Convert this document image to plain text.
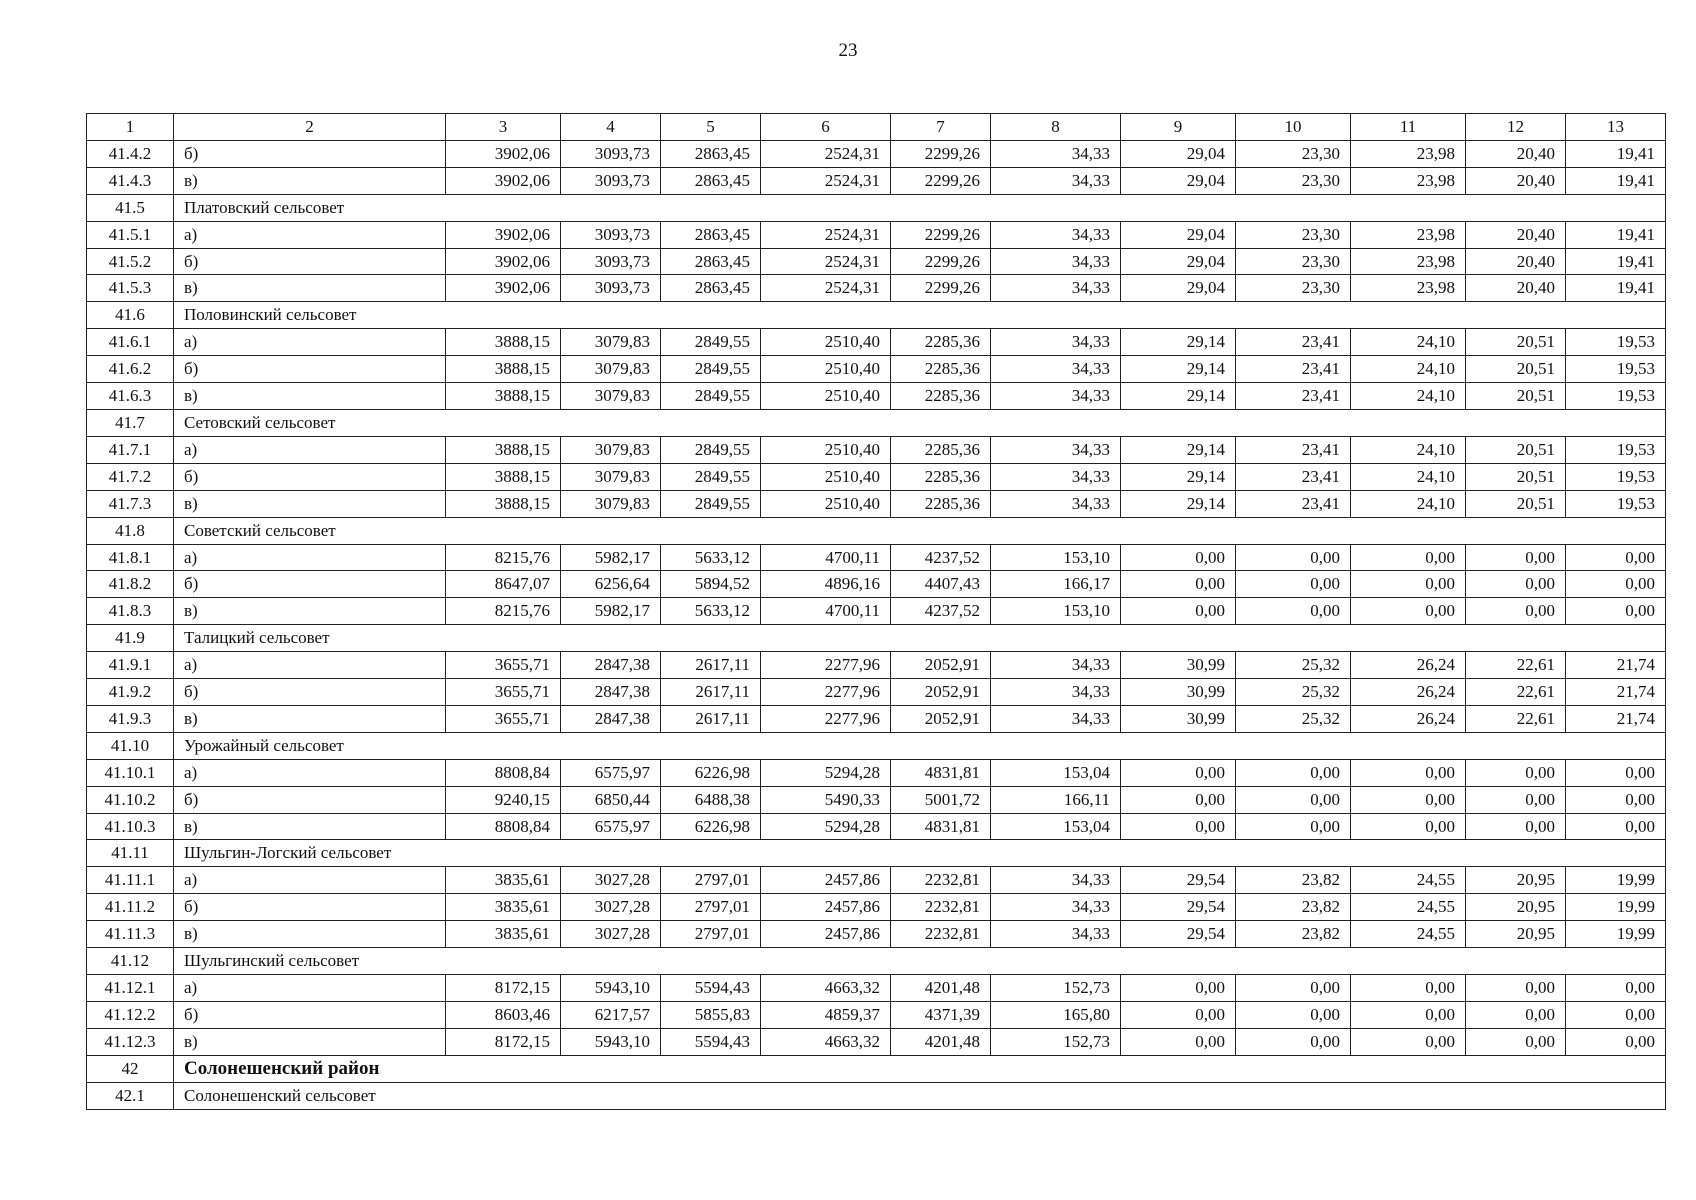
23
1	2	3	4	5	6	7	8	9	10	11	12	13
41.4.2	б)	3902,06	3093,73	2863,45	2524,31	2299,26	34,33	29,04	23,30	23,98	20,40	19,41
41.4.3	в)	3902,06	3093,73	2863,45	2524,31	2299,26	34,33	29,04	23,30	23,98	20,40	19,41
41.5	Платовский сельсовет											
41.5.1	а)	3902,06	3093,73	2863,45	2524,31	2299,26	34,33	29,04	23,30	23,98	20,40	19,41
41.5.2	б)	3902,06	3093,73	2863,45	2524,31	2299,26	34,33	29,04	23,30	23,98	20,40	19,41
41.5.3	в)	3902,06	3093,73	2863,45	2524,31	2299,26	34,33	29,04	23,30	23,98	20,40	19,41
41.6	Половинский сельсовет											
41.6.1	а)	3888,15	3079,83	2849,55	2510,40	2285,36	34,33	29,14	23,41	24,10	20,51	19,53
41.6.2	б)	3888,15	3079,83	2849,55	2510,40	2285,36	34,33	29,14	23,41	24,10	20,51	19,53
41.6.3	в)	3888,15	3079,83	2849,55	2510,40	2285,36	34,33	29,14	23,41	24,10	20,51	19,53
41.7	Сетовский сельсовет											
41.7.1	а)	3888,15	3079,83	2849,55	2510,40	2285,36	34,33	29,14	23,41	24,10	20,51	19,53
41.7.2	б)	3888,15	3079,83	2849,55	2510,40	2285,36	34,33	29,14	23,41	24,10	20,51	19,53
41.7.3	в)	3888,15	3079,83	2849,55	2510,40	2285,36	34,33	29,14	23,41	24,10	20,51	19,53
41.8	Советский сельсовет											
41.8.1	а)	8215,76	5982,17	5633,12	4700,11	4237,52	153,10	0,00	0,00	0,00	0,00	0,00
41.8.2	б)	8647,07	6256,64	5894,52	4896,16	4407,43	166,17	0,00	0,00	0,00	0,00	0,00
41.8.3	в)	8215,76	5982,17	5633,12	4700,11	4237,52	153,10	0,00	0,00	0,00	0,00	0,00
41.9	Талицкий сельсовет											
41.9.1	а)	3655,71	2847,38	2617,11	2277,96	2052,91	34,33	30,99	25,32	26,24	22,61	21,74
41.9.2	б)	3655,71	2847,38	2617,11	2277,96	2052,91	34,33	30,99	25,32	26,24	22,61	21,74
41.9.3	в)	3655,71	2847,38	2617,11	2277,96	2052,91	34,33	30,99	25,32	26,24	22,61	21,74
41.10	Урожайный сельсовет											
41.10.1	а)	8808,84	6575,97	6226,98	5294,28	4831,81	153,04	0,00	0,00	0,00	0,00	0,00
41.10.2	б)	9240,15	6850,44	6488,38	5490,33	5001,72	166,11	0,00	0,00	0,00	0,00	0,00
41.10.3	в)	8808,84	6575,97	6226,98	5294,28	4831,81	153,04	0,00	0,00	0,00	0,00	0,00
41.11	Шульгин-Логский сельсовет											
41.11.1	а)	3835,61	3027,28	2797,01	2457,86	2232,81	34,33	29,54	23,82	24,55	20,95	19,99
41.11.2	б)	3835,61	3027,28	2797,01	2457,86	2232,81	34,33	29,54	23,82	24,55	20,95	19,99
41.11.3	в)	3835,61	3027,28	2797,01	2457,86	2232,81	34,33	29,54	23,82	24,55	20,95	19,99
41.12	Шульгинский сельсовет											
41.12.1	а)	8172,15	5943,10	5594,43	4663,32	4201,48	152,73	0,00	0,00	0,00	0,00	0,00
41.12.2	б)	8603,46	6217,57	5855,83	4859,37	4371,39	165,80	0,00	0,00	0,00	0,00	0,00
41.12.3	в)	8172,15	5943,10	5594,43	4663,32	4201,48	152,73	0,00	0,00	0,00	0,00	0,00
42	Солонешенский район											
42.1	Солонешенский сельсовет											
